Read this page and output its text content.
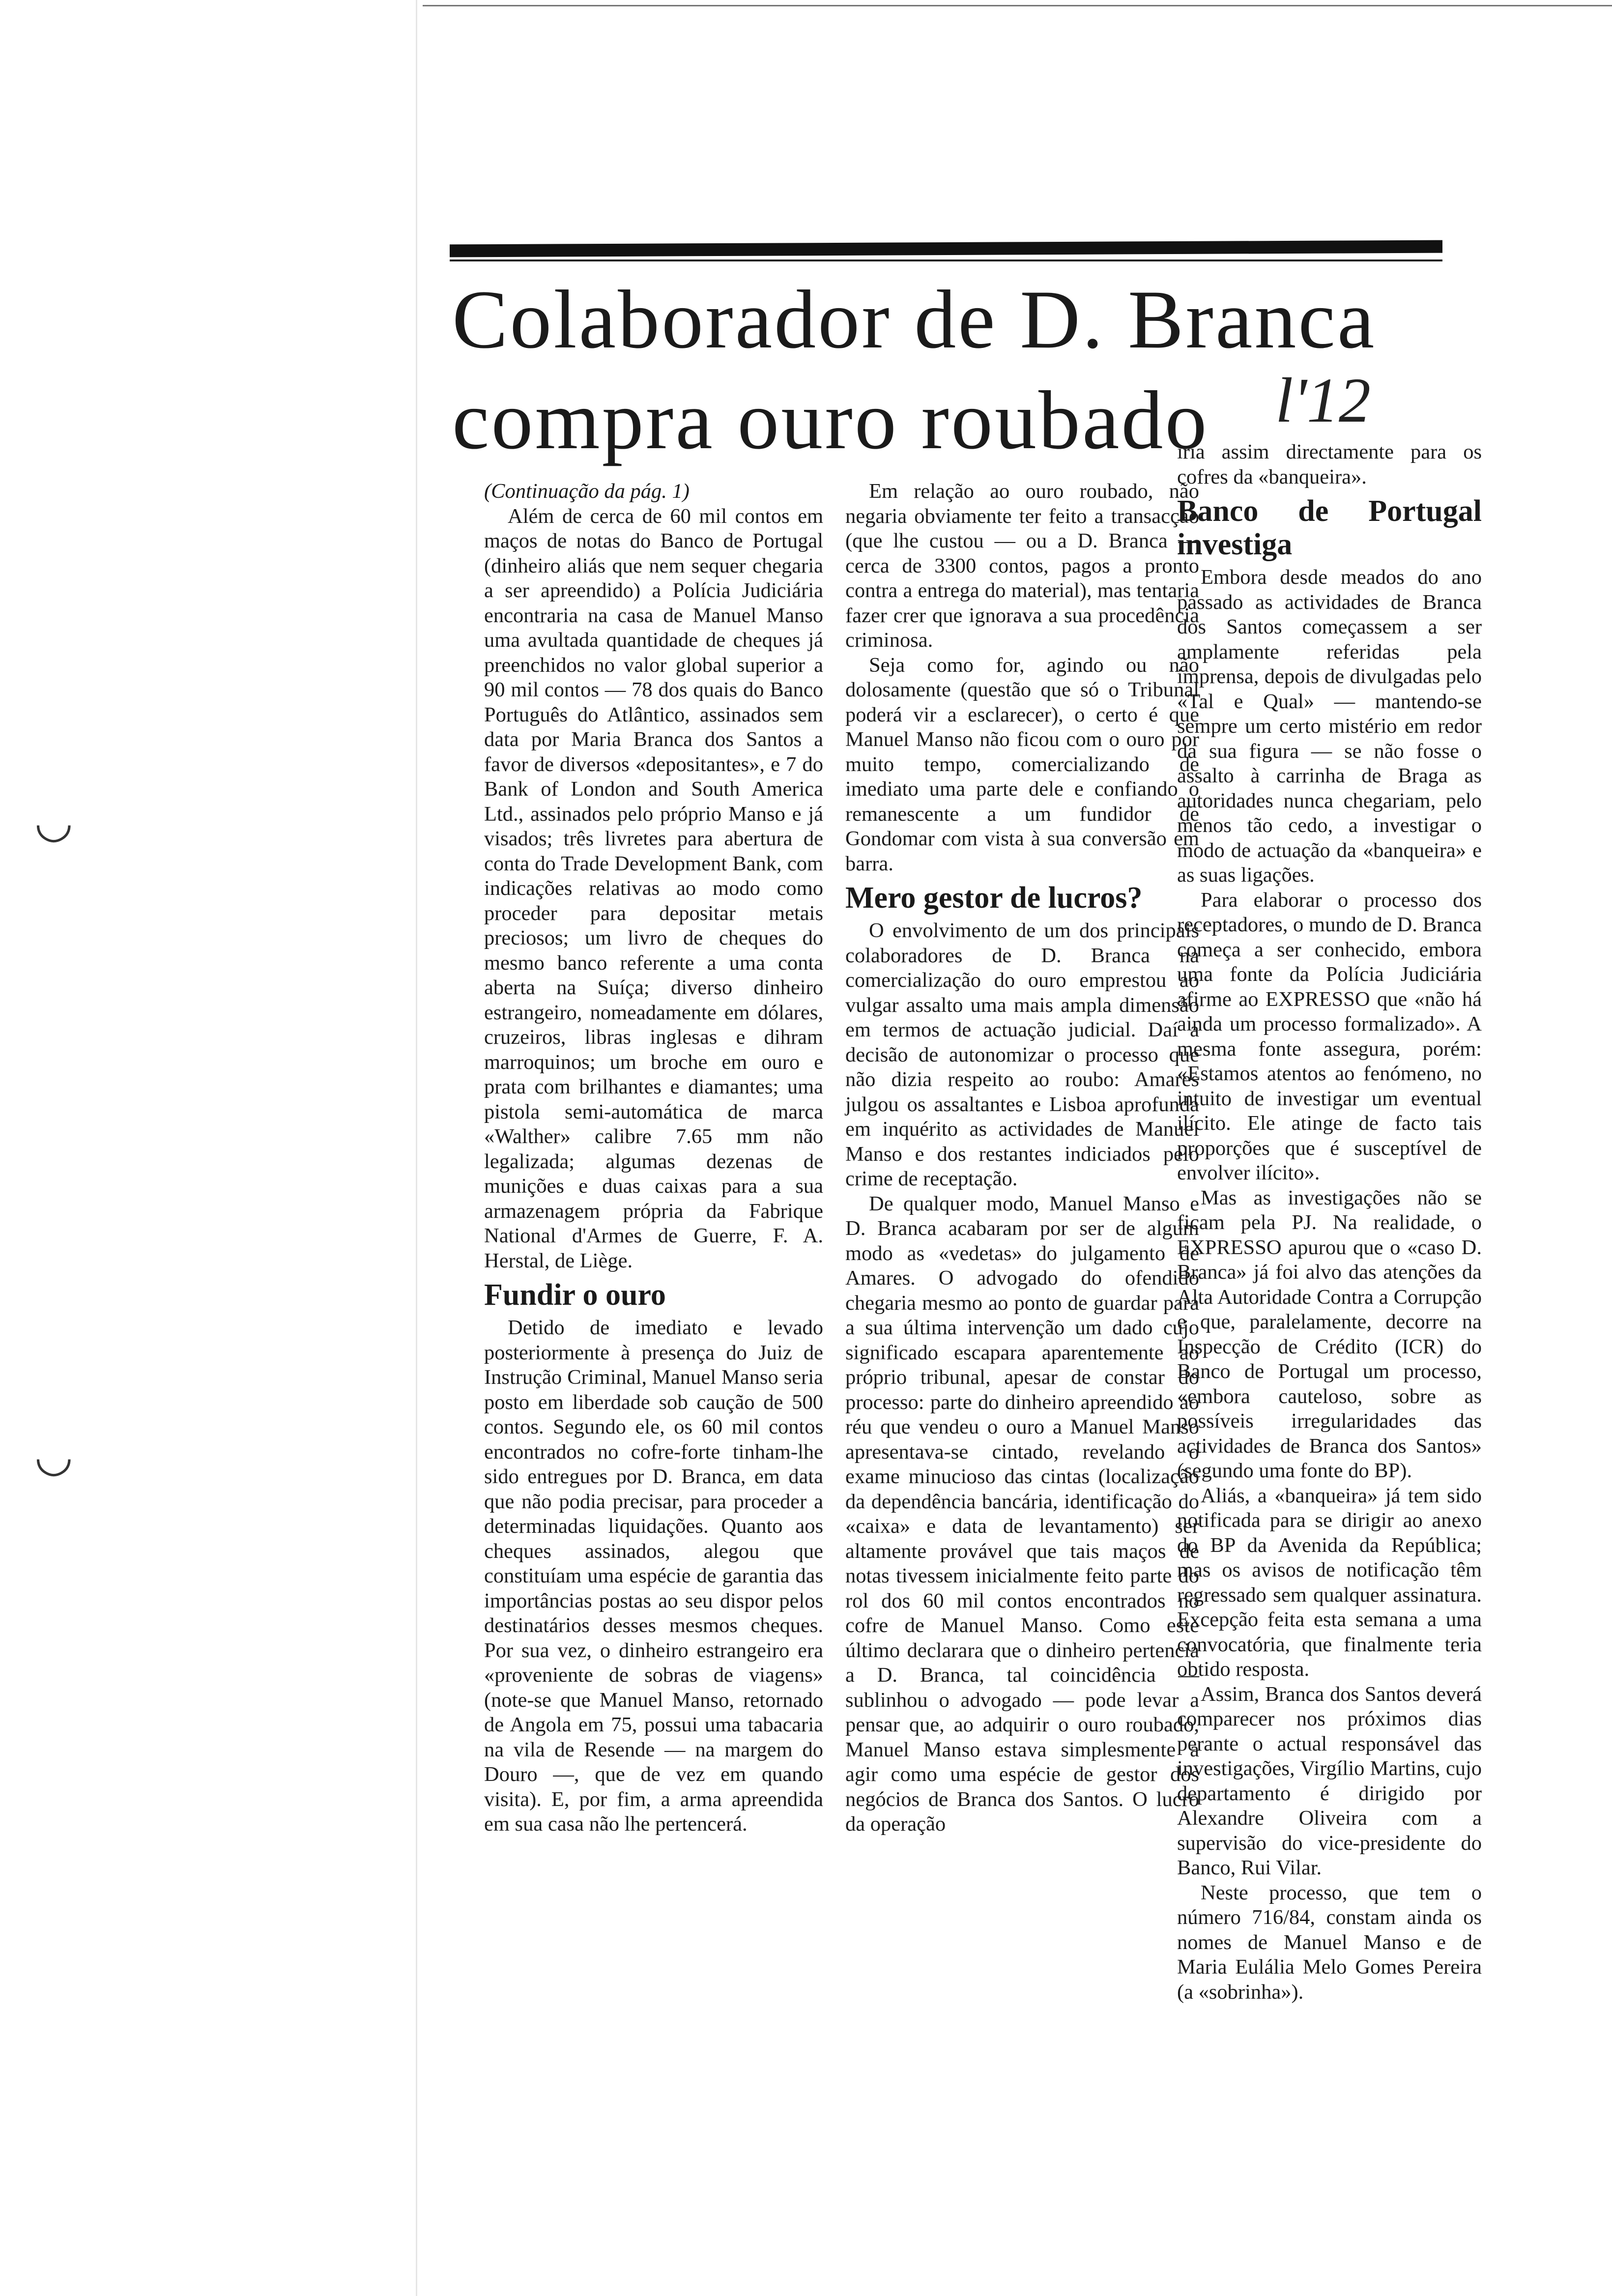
Colaborador de D. Branca
compra ouro roubado	l'12
◡
◡

(Continuação da pág. 1)

Além de cerca de 60 mil contos em maços de notas do Banco de Portugal (dinheiro aliás que nem sequer chegaria a ser apreendido) a Polícia Judiciária encontraria na casa de Manuel Manso uma avultada quantidade de cheques já preenchidos no valor global superior a 90 mil contos — 78 dos quais do Banco Português do Atlântico, assinados sem data por Maria Branca dos Santos a favor de diversos «depositantes», e 7 do Bank of London and South America Ltd., assinados pelo próprio Manso e já visados; três livretes para abertura de conta do Trade Development Bank, com indicações relativas ao modo como proceder para depositar metais preciosos; um livro de cheques do mesmo banco referente a uma conta aberta na Suíça; diverso dinheiro estrangeiro, nomeadamente em dólares, cruzeiros, libras inglesas e dihram marroquinos; um broche em ouro e prata com brilhantes e diamantes; uma pistola semi-automática de marca «Walther» calibre 7.65 mm não legalizada; algumas dezenas de munições e duas caixas para a sua armazenagem própria da Fabrique National d'Armes de Guerre, F. A. Herstal, de Liège.

Fundir o ouro

Detido de imediato e levado posteriormente à presença do Juiz de Instrução Criminal, Manuel Manso seria posto em liberdade sob caução de 500 contos. Segundo ele, os 60 mil contos encontrados no cofre-forte tinham-lhe sido entregues por D. Branca, em data que não podia precisar, para proceder a determinadas liquidações. Quanto aos cheques assinados, alegou que constituíam uma espécie de garantia das importâncias postas ao seu dispor pelos destinatários desses mesmos cheques. Por sua vez, o dinheiro estrangeiro era «proveniente de sobras de viagens» (note-se que Manuel Manso, retornado de Angola em 75, possui uma tabacaria na vila de Resende — na margem do Douro —, que de vez em quando visita). E, por fim, a arma apreendida em sua casa não lhe pertencerá.

Em relação ao ouro roubado, não negaria obviamente ter feito a transacção (que lhe custou — ou a D. Branca — cerca de 3300 contos, pagos a pronto contra a entrega do material), mas tentaria fazer crer que ignorava a sua procedência criminosa.

Seja como for, agindo ou não dolosamente (questão que só o Tribunal poderá vir a esclarecer), o certo é que Manuel Manso não ficou com o ouro por muito tempo, comercializando de imediato uma parte dele e confiando o remanescente a um fundidor de Gondomar com vista à sua conversão em barra.

Mero gestor de lucros?

O envolvimento de um dos principais colaboradores de D. Branca na comercialização do ouro emprestou ao vulgar assalto uma mais ampla dimensão em termos de actuação judicial. Daí a decisão de autonomizar o processo que não dizia respeito ao roubo: Amares julgou os assaltantes e Lisboa aprofunda em inquérito as actividades de Manuel Manso e dos restantes indiciados pelo crime de receptação.

De qualquer modo, Manuel Manso e D. Branca acabaram por ser de algum modo as «vedetas» do julgamento de Amares. O advogado do ofendido chegaria mesmo ao ponto de guardar para a sua última intervenção um dado cujo significado escapara aparentemente ao próprio tribunal, apesar de constar do processo: parte do dinheiro apreendido ao réu que vendeu o ouro a Manuel Manso apresentava-se cintado, revelando o exame minucioso das cintas (localização da dependência bancária, identificação do «caixa» e data de levantamento) ser altamente provável que tais maços de notas tivessem inicialmente feito parte do rol dos 60 mil contos encontrados no cofre de Manuel Manso. Como este último declarara que o dinheiro pertencia a D. Branca, tal coincidência — sublinhou o advogado — pode levar a pensar que, ao adquirir o ouro roubado, Manuel Manso estava simplesmente a agir como uma espécie de gestor dos negócios de Branca dos Santos. O lucro da operação

iria assim directamente para os cofres da «banqueira».

Banco de Portugal investiga

Embora desde meados do ano passado as actividades de Branca dos Santos começassem a ser amplamente referidas pela imprensa, depois de divulgadas pelo «Tal e Qual» — mantendo-se sempre um certo mistério em redor da sua figura — se não fosse o assalto à carrinha de Braga as autoridades nunca chegariam, pelo menos tão cedo, a investigar o modo de actuação da «banqueira» e as suas ligações.

Para elaborar o processo dos receptadores, o mundo de D. Branca começa a ser conhecido, embora uma fonte da Polícia Judiciária afirme ao EXPRESSO que «não há ainda um processo formalizado». A mesma fonte assegura, porém: «Estamos atentos ao fenómeno, no intuito de investigar um eventual ilícito. Ele atinge de facto tais proporções que é susceptível de envolver ilícito».

Mas as investigações não se ficam pela PJ. Na realidade, o EXPRESSO apurou que o «caso D. Branca» já foi alvo das atenções da Alta Autoridade Contra a Corrupção e que, paralelamente, decorre na Inspecção de Crédito (ICR) do Banco de Portugal um processo, «embora cauteloso, sobre as possíveis irregularidades das actividades de Branca dos Santos» (segundo uma fonte do BP).

Aliás, a «banqueira» já tem sido notificada para se dirigir ao anexo do BP da Avenida da República; mas os avisos de notificação têm regressado sem qualquer assinatura. Excepção feita esta semana a uma convocatória, que finalmente teria obtido resposta.

Assim, Branca dos Santos deverá comparecer nos próximos dias perante o actual responsável das investigações, Virgílio Martins, cujo departamento é dirigido por Alexandre Oliveira com a supervisão do vice-presidente do Banco, Rui Vilar.

Neste processo, que tem o número 716/84, constam ainda os nomes de Manuel Manso e de Maria Eulália Melo Gomes Pereira (a «sobrinha»).
